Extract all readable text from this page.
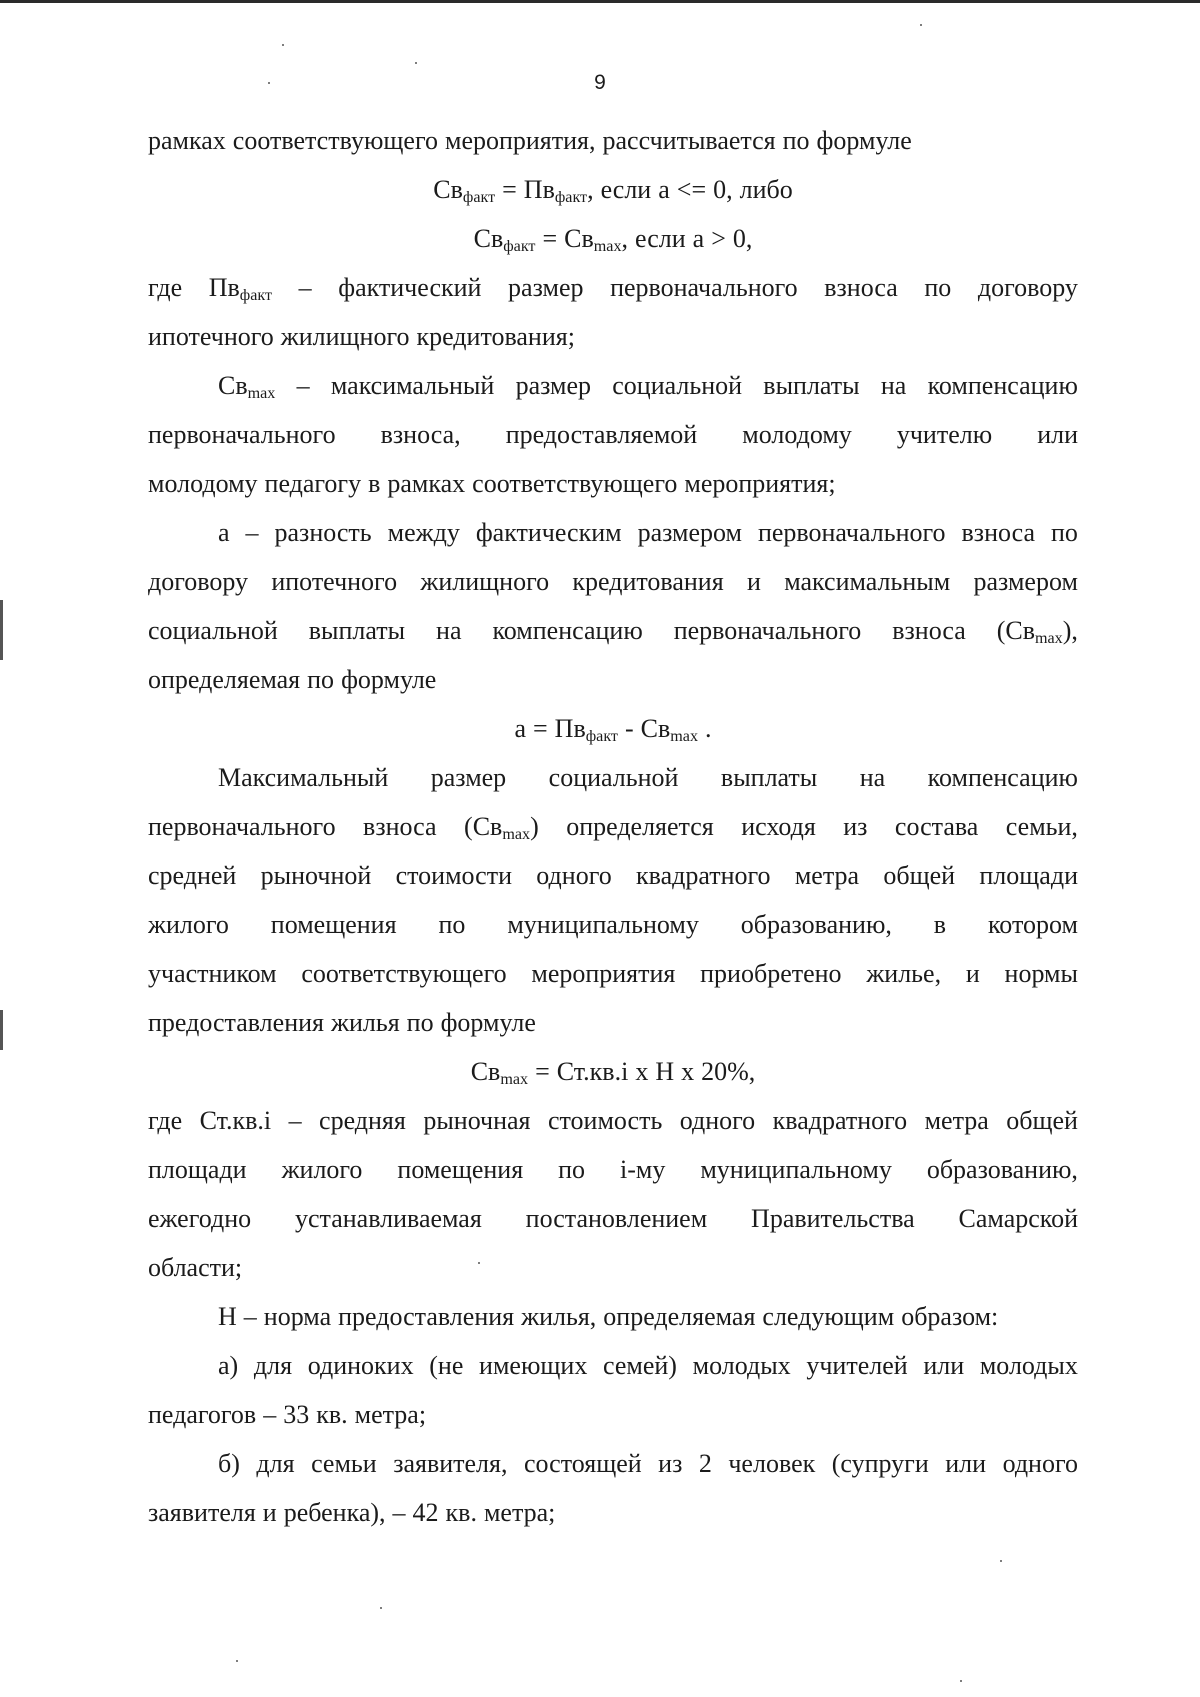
9
рамках соответствующего мероприятия, рассчитывается по формуле
$Св_{факт} = Пв_{факт}$, если а <= 0, либо
$Св_{факт} = Св_{max}$, если а > 0,
где $Пв_{факт}$ – фактический размер первоначального взноса по договору
ипотечного жилищного кредитования;
$Св_{max}$ – максимальный размер социальной выплаты на компенсацию
первоначального взноса, предоставляемой молодому учителю или
молодому педагогу в рамках соответствующего мероприятия;
а – разность между фактическим размером первоначального взноса по
договору ипотечного жилищного кредитования и максимальным размером
социальной выплаты на компенсацию первоначального взноса $(Св_{max})$,
определяемая по формуле
$а = Пв_{факт} - Св_{max}$ .
Максимальный размер социальной выплаты на компенсацию
первоначального взноса $(Св_{max})$ определяется исходя из состава семьи,
средней рыночной стоимости одного квадратного метра общей площади
жилого помещения по муниципальному образованию, в котором
участником соответствующего мероприятия приобретено жилье, и нормы
предоставления жилья по формуле
$Св_{max} = Ст.кв.i$ х Н х 20%,
где Ст.кв.i – средняя рыночная стоимость одного квадратного метра общей
площади жилого помещения по i-му муниципальному образованию,
ежегодно устанавливаемая постановлением Правительства Самарской
области;
Н – норма предоставления жилья, определяемая следующим образом:
а) для одиноких (не имеющих семей) молодых учителей или молодых
педагогов – 33 кв. метра;
б) для семьи заявителя, состоящей из 2 человек (супруги или одного
заявителя и ребенка), – 42 кв. метра;
